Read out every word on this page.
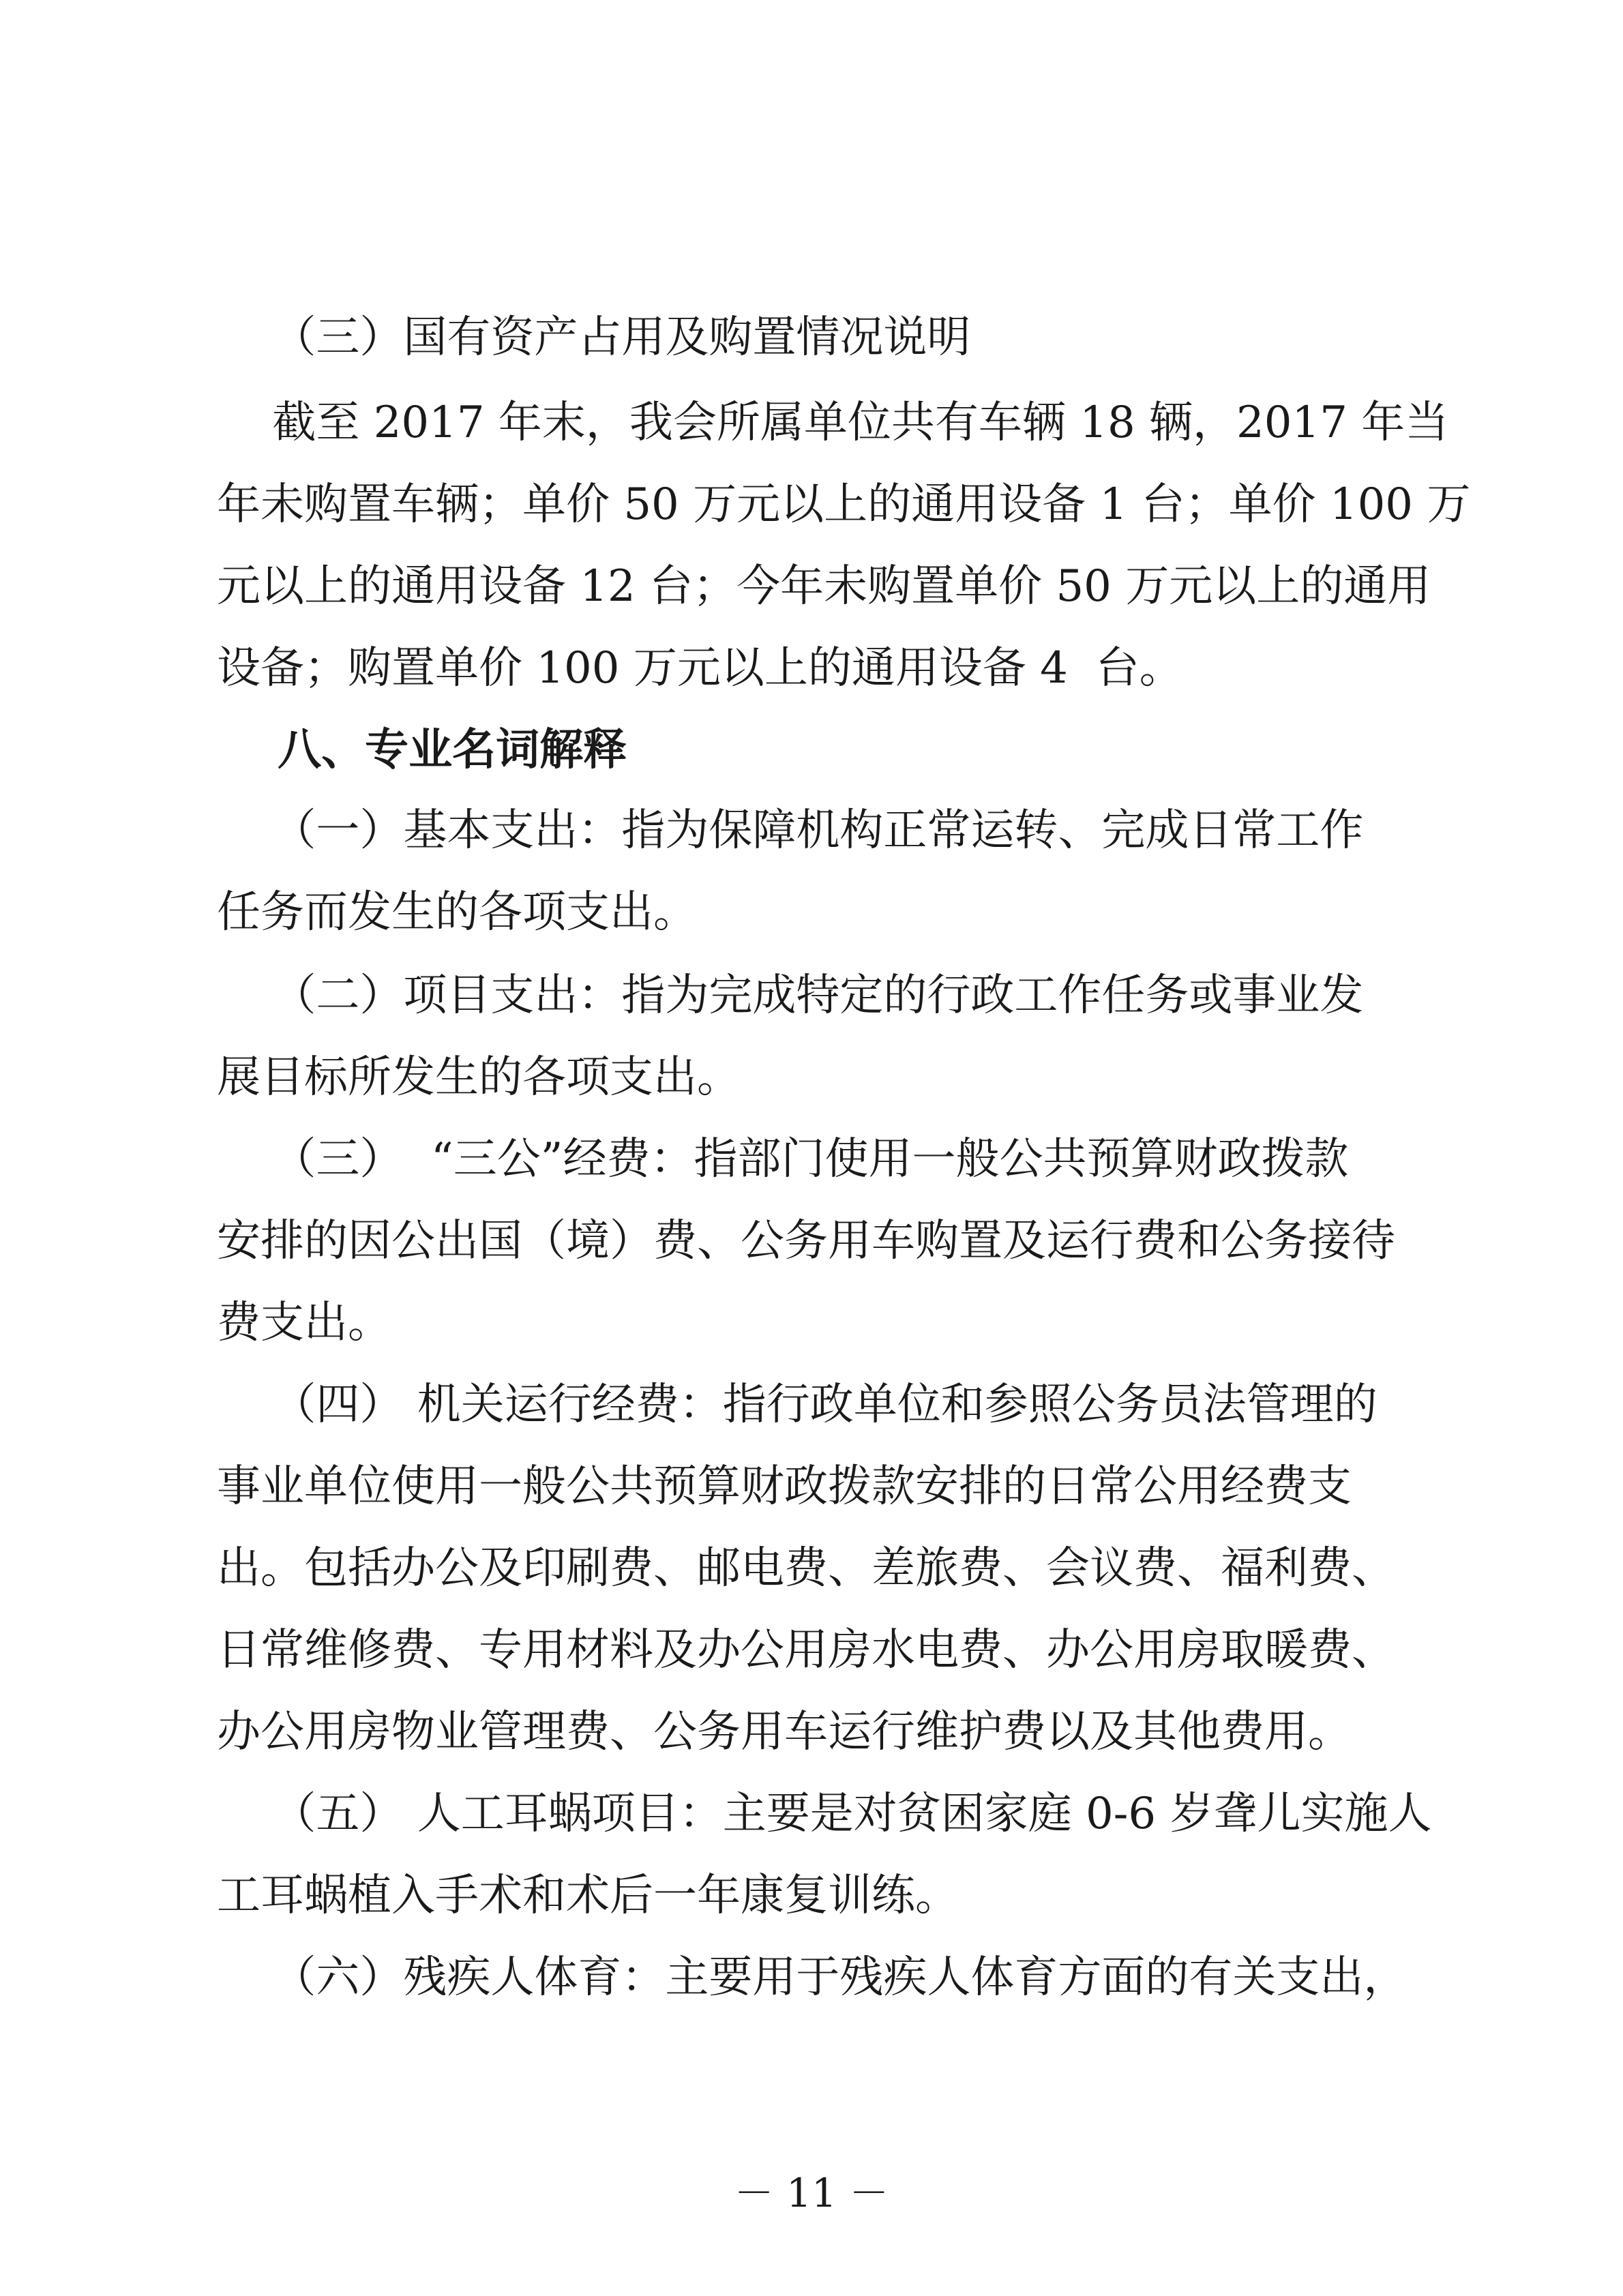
（三）国有资产占用及购置情况说明
截至 2017 年末，我会所属单位共有车辆 18 辆，2017 年当
年未购置车辆；单价 50 万元以上的通用设备 1 台；单价 100 万
元以上的通用设备 12 台；今年未购置单价 50 万元以上的通用
设备；购置单价 100 万元以上的通用设备 4  台。
八、专业名词解释
（一）基本支出：指为保障机构正常运转、完成日常工作
任务而发生的各项支出。
（二）项目支出：指为完成特定的行政工作任务或事业发
展目标所发生的各项支出。
（三）  “三公”经费：指部门使用一般公共预算财政拨款
安排的因公出国（境）费、公务用车购置及运行费和公务接待
费支出。
（四） 机关运行经费：指行政单位和参照公务员法管理的
事业单位使用一般公共预算财政拨款安排的日常公用经费支
出。包括办公及印刷费、邮电费、差旅费、会议费、福利费、
日常维修费、专用材料及办公用房水电费、办公用房取暖费、
办公用房物业管理费、公务用车运行维护费以及其他费用。
（五） 人工耳蜗项目：主要是对贫困家庭 0-6 岁聋儿实施人
工耳蜗植入手术和术后一年康复训练。
（六）残疾人体育：主要用于残疾人体育方面的有关支出，
－ 11 －
